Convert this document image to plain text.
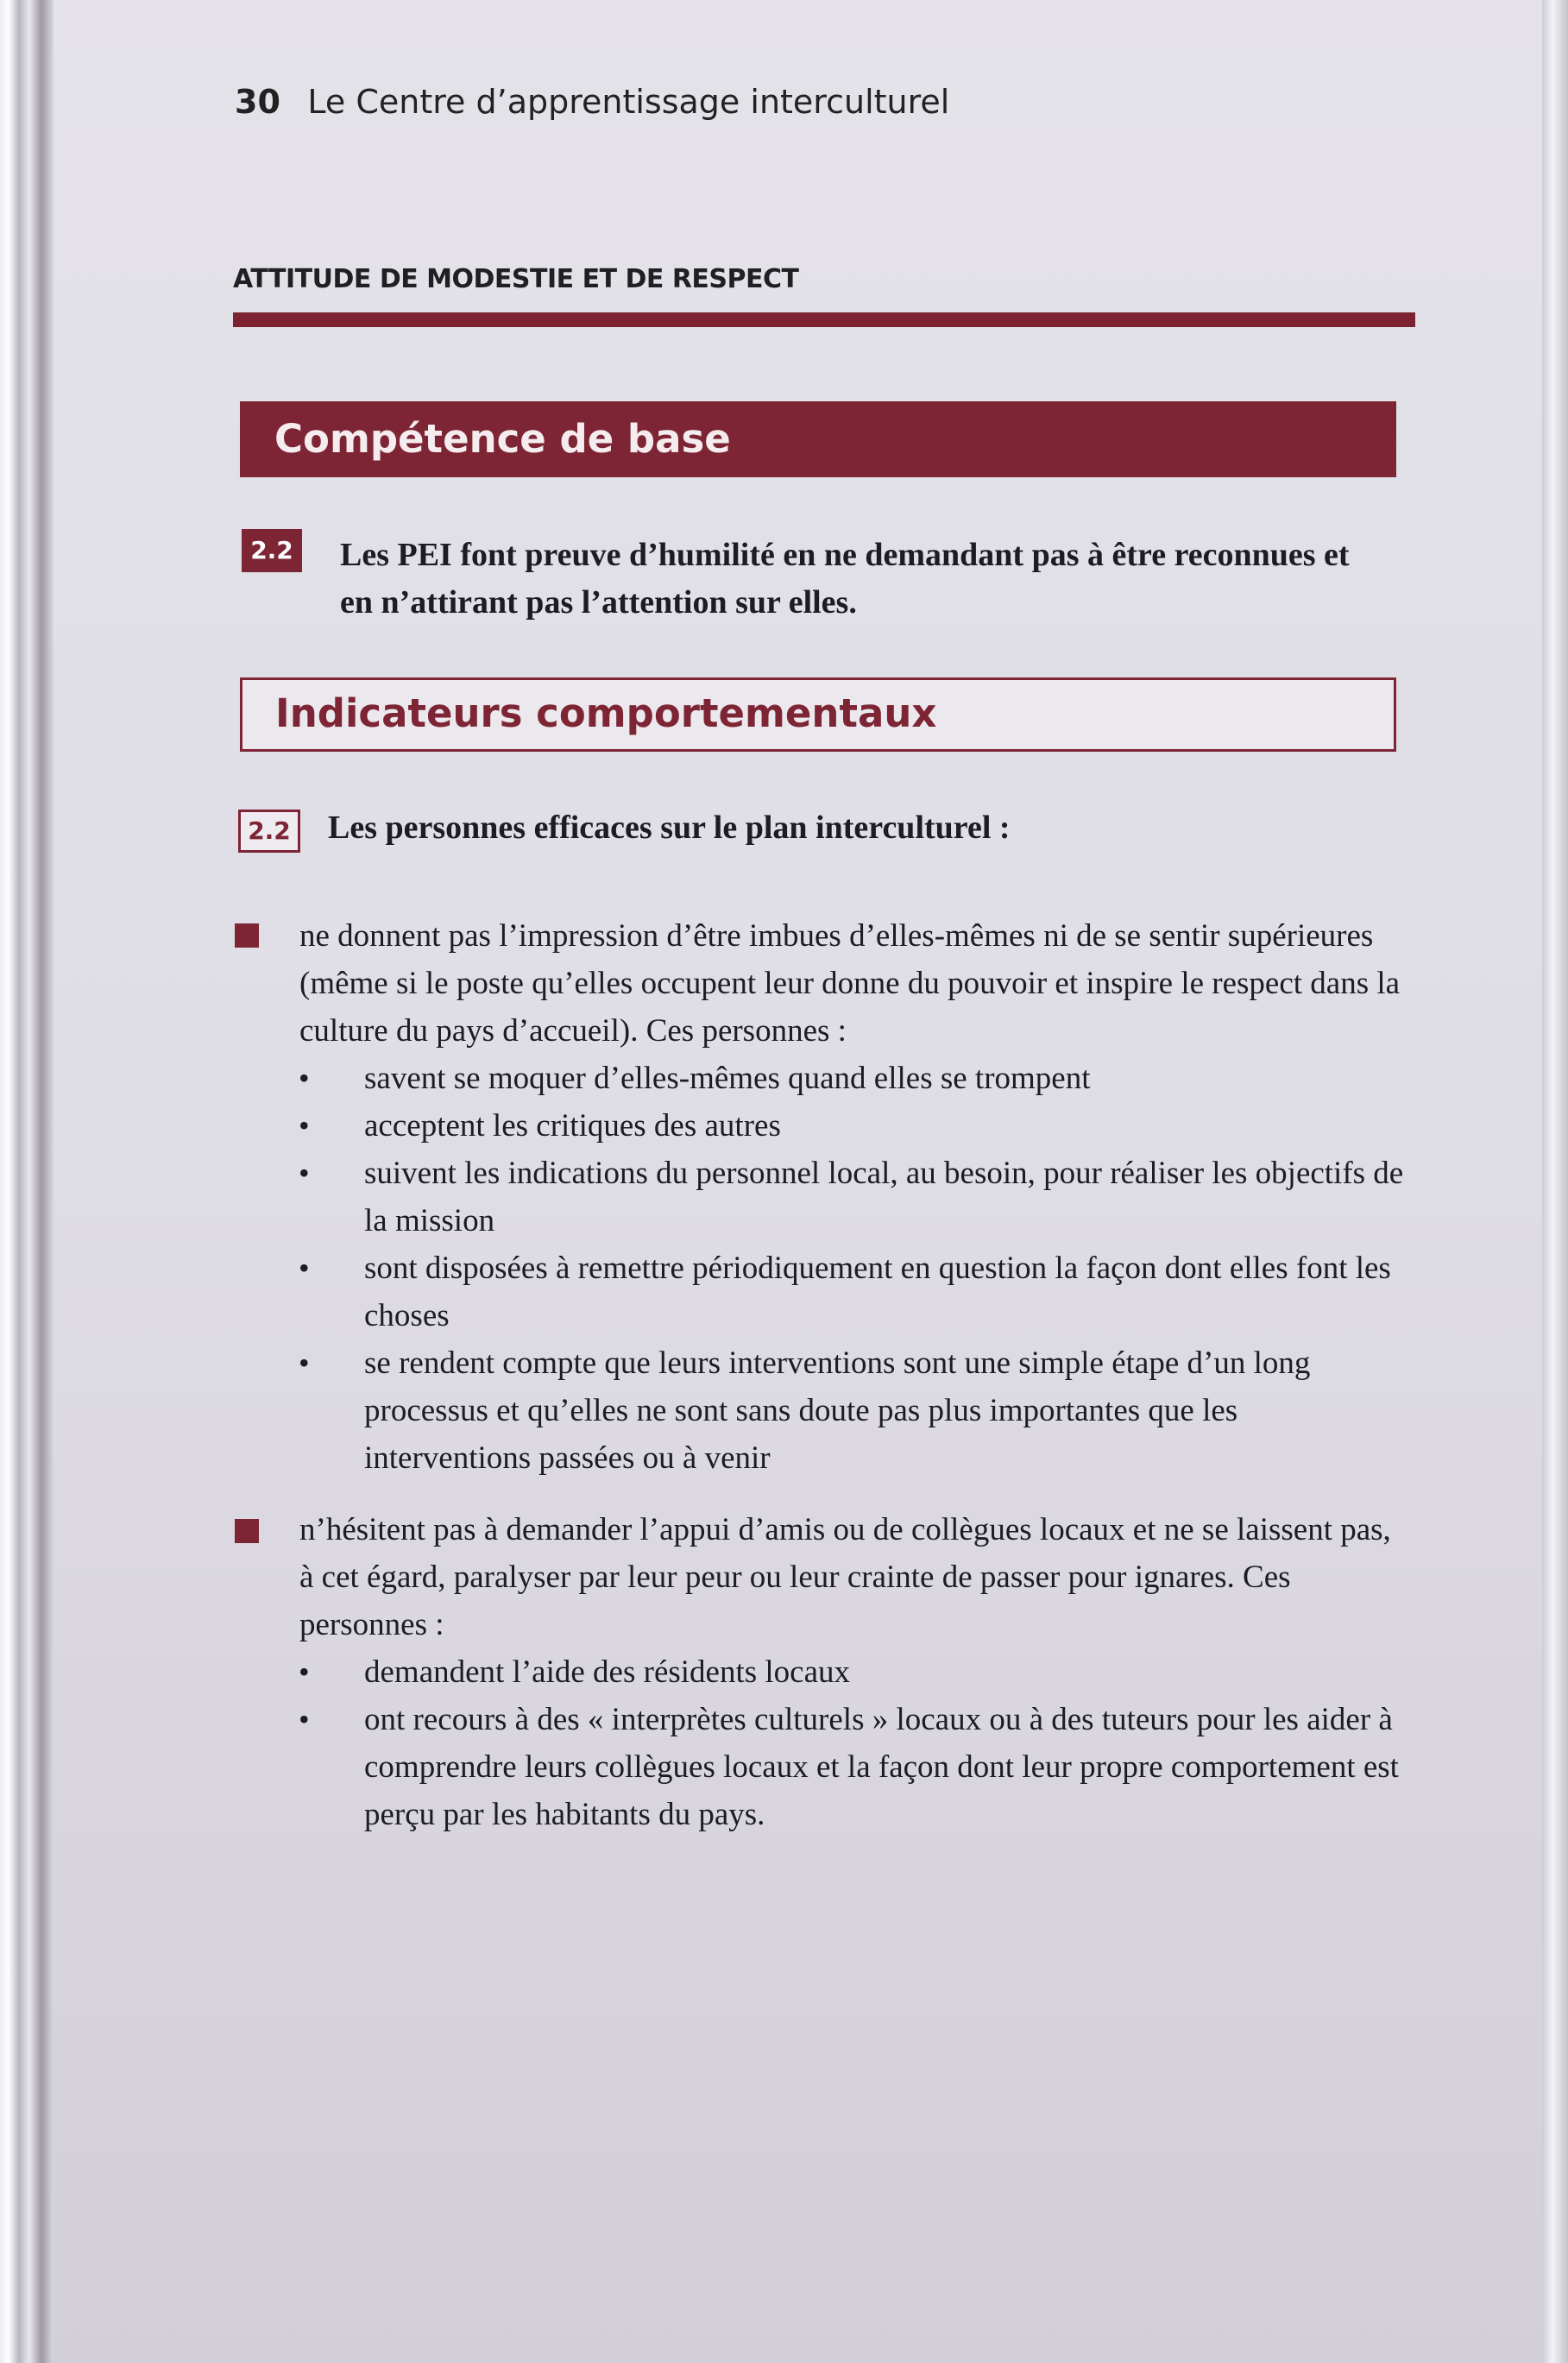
30 Le Centre d’apprentissage interculturel
ATTITUDE DE MODESTIE ET DE RESPECT
Compétence de base
2.2 Les PEI font preuve d’humilité en ne demandant pas à être reconnues et en n’attirant pas l’attention sur elles.
Indicateurs comportementaux
2.2 Les personnes efficaces sur le plan interculturel :
ne donnent pas l’impression d’être imbues d’elles-mêmes ni de se sentir supérieures (même si le poste qu’elles occupent leur donne du pouvoir et inspire le respect dans la culture du pays d’accueil). Ces personnes :
• savent se moquer d’elles-mêmes quand elles se trompent
• acceptent les critiques des autres
• suivent les indications du personnel local, au besoin, pour réaliser les objectifs de la mission
• sont disposées à remettre périodiquement en question la façon dont elles font les choses
• se rendent compte que leurs interventions sont une simple étape d’un long processus et qu’elles ne sont sans doute pas plus importantes que les interventions passées ou à venir
n’hésitent pas à demander l’appui d’amis ou de collègues locaux et ne se laissent pas, à cet égard, paralyser par leur peur ou leur crainte de passer pour ignares. Ces personnes :
• demandent l’aide des résidents locaux
• ont recours à des « interprètes culturels » locaux ou à des tuteurs pour les aider à comprendre leurs collègues locaux et la façon dont leur propre comportement est perçu par les habitants du pays.
